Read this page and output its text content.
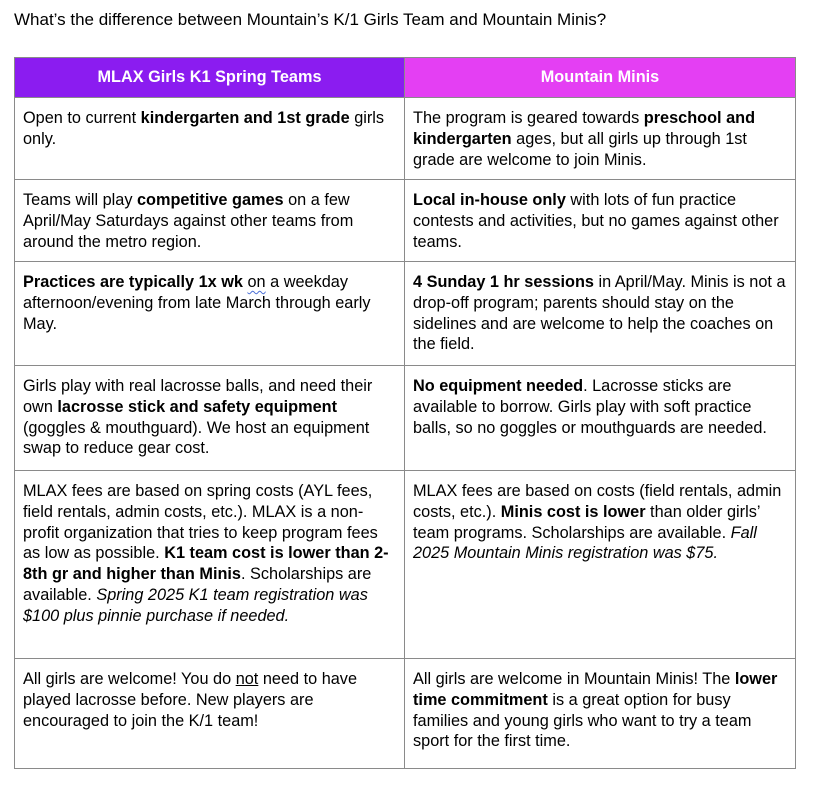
What’s the difference between Mountain’s K/1 Girls Team and Mountain Minis?

MLAX Girls K1 Spring Teams	Mountain Minis

Open to current kindergarten and 1st grade girls only.	The program is geared towards preschool and kindergarten ages, but all girls up through 1st grade are welcome to join Minis.

Teams will play competitive games on a few April/May Saturdays against other teams from around the metro region.	Local in-house only with lots of fun practice contests and activities, but no games against other teams.

Practices are typically 1x wk on a weekday afternoon/evening from late March through early May.	4 Sunday 1 hr sessions in April/May. Minis is not a drop-off program; parents should stay on the sidelines and are welcome to help the coaches on the field.

Girls play with real lacrosse balls, and need their own lacrosse stick and safety equipment (goggles & mouthguard). We host an equipment swap to reduce gear cost.	No equipment needed. Lacrosse sticks are available to borrow. Girls play with soft practice balls, so no goggles or mouthguards are needed.

MLAX fees are based on spring costs (AYL fees, field rentals, admin costs, etc.). MLAX is a non-profit organization that tries to keep program fees as low as possible. K1 team cost is lower than 2-8th gr and higher than Minis. Scholarships are available. Spring 2025 K1 team registration was $100 plus pinnie purchase if needed.	MLAX fees are based on costs (field rentals, admin costs, etc.). Minis cost is lower than older girls’ team programs. Scholarships are available. Fall 2025 Mountain Minis registration was $75.

All girls are welcome! You do not need to have played lacrosse before. New players are encouraged to join the K/1 team!	All girls are welcome in Mountain Minis! The lower time commitment is a great option for busy families and young girls who want to try a team sport for the first time.
